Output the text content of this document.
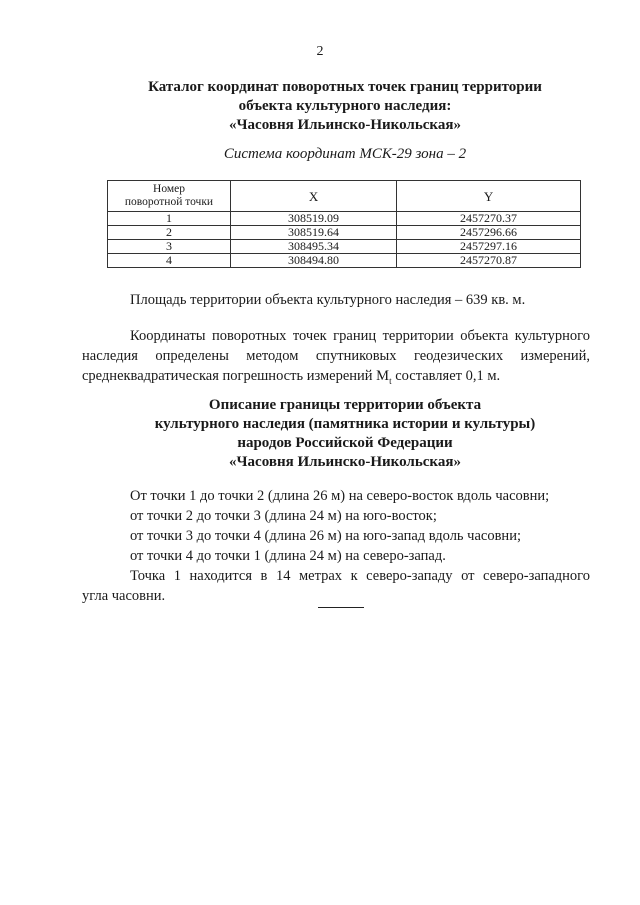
2
Каталог координат поворотных точек границ территории
объекта культурного наследия:
«Часовня Ильинско-Никольская»
Система координат МСК-29 зона – 2
Номер
поворотной точки	X	Y
1	308519.09	2457270.37
2	308519.64	2457296.66
3	308495.34	2457297.16
4	308494.80	2457270.87
Площадь территории объекта культурного наследия – 639 кв. м.
Координаты поворотных точек границ территории объекта культурного
наследия определены методом спутниковых геодезических измерений,
среднеквадратическая погрешность измерений $M_t$ составляет 0,1 м.
Описание границы территории объекта
культурного наследия (памятника истории и культуры)
народов Российской Федерации
«Часовня Ильинско-Никольская»
От точки 1 до точки 2 (длина 26 м) на северо-восток вдоль часовни;
от точки 2 до точки 3 (длина 24 м) на юго-восток;
от точки 3 до точки 4 (длина 26 м) на юго-запад вдоль часовни;
от точки 4 до точки 1 (длина 24 м) на северо-запад.
Точка 1 находится в 14 метрах к северо-западу от северо-западного
угла часовни.
